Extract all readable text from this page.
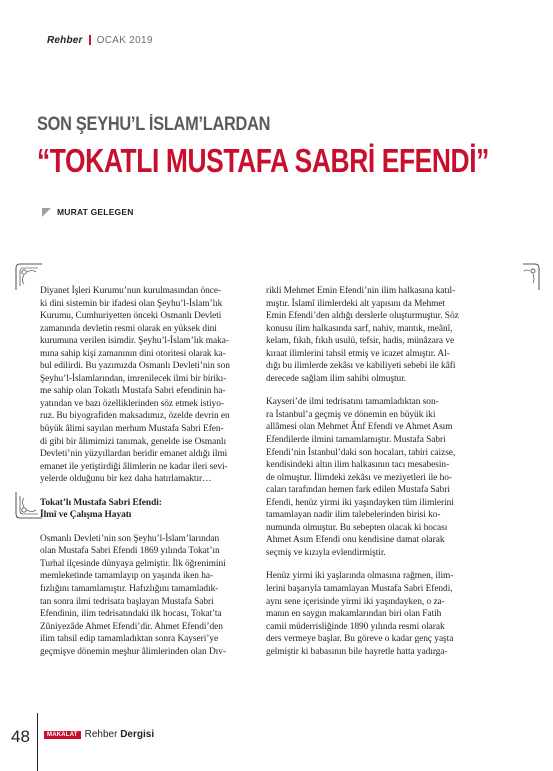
Rehber OCAK 2019
SON ŞEYHU’L İSLAM’LARDAN
“TOKATLI MUSTAFA SABRİ EFENDİ”
MURAT GELEGEN

Diyanet İşleri Kurumu’nun kurulmasından önce-

ki dini sistemin bir ifadesi olan Şeyhu’l-İslam’lık

Kurumu, Cumhuriyetten önceki Osmanlı Devleti

zamanında devletin resmi olarak en yüksek dini

kurumuna verilen isimdir. Şeyhu’l-İslam’lık maka-

mına sahip kişi zamanının dini otoritesi olarak ka-

bul edilirdi. Bu yazımızda Osmanlı Devleti’nin son

Şeyhu’l-İslamlarından, imrenilecek ilmi bir birikı-

me sahip olan Tokatlı Mustafa Sabri efendinin ha-

yatından ve bazı özelliklerinden söz etmek istiyo-

ruz. Bu biyografiden maksadımız, özelde devrin en

büyük âlimi sayılan merhum Mustafa Sabri Efen-

di gibi bir âlimimizi tanımak, genelde ise Osmanlı

Devleti’nin yüzyıllardan beridir emanet aldığı ilmi

emanet ile yetiştirdiği âlimlerin ne kadar ileri sevi-

yelerde olduğunu bir kez daha hatırlamaktır…

Tokat’lı Mustafa Sabri Efendi:

İlmî ve Çalışma Hayatı

Osmanlı Devleti’nin son Şeyhu’l-İslam’larından

olan Mustafa Sabri Efendi 1869 yılında Tokat’ın

Turhal ilçesinde dünyaya gelmiştir. İlk öğrenimini

memleketinde tamamlayıp on yaşında iken ha-

fızlığını tamamlamıştır. Hafızlığını tamamladık-

tan sonra ilmi tedrisata başlayan Mustafa Sabri

Efendinin, ilim tedrisatındaki ilk hocası, Tokat’ta

Zûniyezâde Ahmet Efendi’dir. Ahmet Efendi’den

ilim tahsil edip tamamladıktan sonra Kayseri’ye

geçmişve dönemin meşhur âlimlerinden olan Dıv-

rikli Mehmet Emin Efendi’nin ilim halkasına katıl-

mıştır. İslamî ilimlerdeki alt yapısını da Mehmet

Emin Efendi’den aldığı derslerle oluşturmuştur. Söz

konusu ilim halkasında sarf, nahiv, mantık, meânî,

kelam, fıkıh, fıkıh usulü, tefsir, hadis, münâzara ve

kıraat ilimlerini tahsil etmiş ve icazet almıştır. Al-

dığı bu ilimlerde zekâsı ve kabiliyeti sebebi ile kâfi

derecede sağlam ilim sahibi olmuştur.

Kayseri’de ilmi tedrisatını tamamladıktan son-

ra İstanbul’a geçmiş ve dönemin en büyük iki

allâmesi olan Mehmet Âtıf Efendi ve Ahmet Asım

Efendilerde ilmini tamamlamıştır. Mustafa Sabri

Efendi’nin İstanbul’daki son hocaları, tabiri caizse,

kendisindeki altın ilim halkasının tacı mesabesin-

de olmuştur. İlimdeki zekâsı ve meziyetleri ile ho-

caları tarafından hemen fark edilen Mustafa Sabri

Efendi, henüz yirmi iki yaşındayken tüm ilimlerini

tamamlayan nadir ilim talebelerinden birisi ko-

numunda olmuştur. Bu sebepten olacak ki hocası

Ahmet Asım Efendi onu kendisine damat olarak

seçmiş ve kızıyla evlendirmiştir.

Henüz yirmi iki yaşlarında olmasına rağmen, ilim-

lerini başarıyla tamamlayan Mustafa Sabri Efendi,

aynı sene içerisinde yirmi iki yaşındayken, o za-

manın en saygın makamlarından biri olan Fatih

camii müderrisliğinde 1890 yılında resmi olarak

ders vermeye başlar. Bu göreve o kadar genç yaşta

gelmiştir ki babasının bile hayretle hatta yadırga-

48	MAKALAT Rehber Dergisi
